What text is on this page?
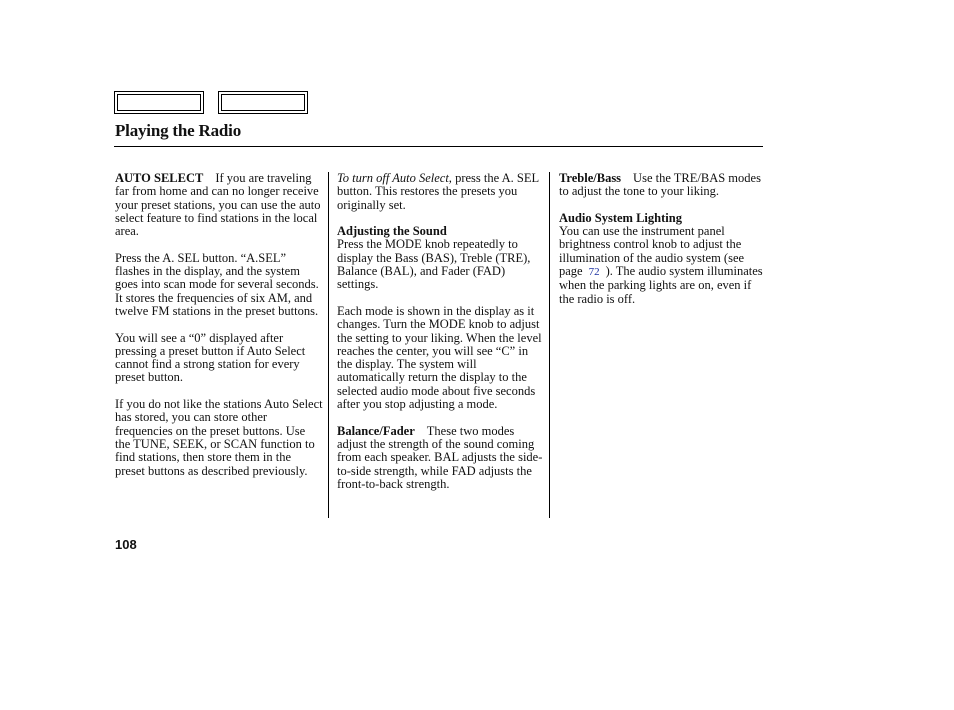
Playing the Radio

AUTO SELECT If you are traveling far from home and can no longer receive your preset stations, you can use the auto select feature to find stations in the local area.

Press the A. SEL button. “A.SEL” flashes in the display, and the system goes into scan mode for several seconds. It stores the frequencies of six AM, and twelve FM stations in the preset buttons.

You will see a “0” displayed after pressing a preset button if Auto Select cannot find a strong station for every preset button.

If you do not like the stations Auto Select has stored, you can store other frequencies on the preset buttons. Use the TUNE, SEEK, or SCAN function to find stations, then store them in the preset buttons as described previously.

To turn off Auto Select, press the A. SEL button. This restores the presets you originally set.

Adjusting the Sound
Press the MODE knob repeatedly to display the Bass (BAS), Treble (TRE), Balance (BAL), and Fader (FAD) settings.

Each mode is shown in the display as it changes. Turn the MODE knob to adjust the setting to your liking. When the level reaches the center, you will see “C” in the display. The system will automatically return the display to the selected audio mode about five seconds after you stop adjusting a mode.

Balance/Fader These two modes adjust the strength of the sound coming from each speaker. BAL adjusts the side-to-side strength, while FAD adjusts the front-to-back strength.

Treble/Bass Use the TRE/BAS modes to adjust the tone to your liking.

Audio System Lighting
You can use the instrument panel brightness control knob to adjust the illumination of the audio system (see page 72 ). The audio system illuminates when the parking lights are on, even if the radio is off.

108
